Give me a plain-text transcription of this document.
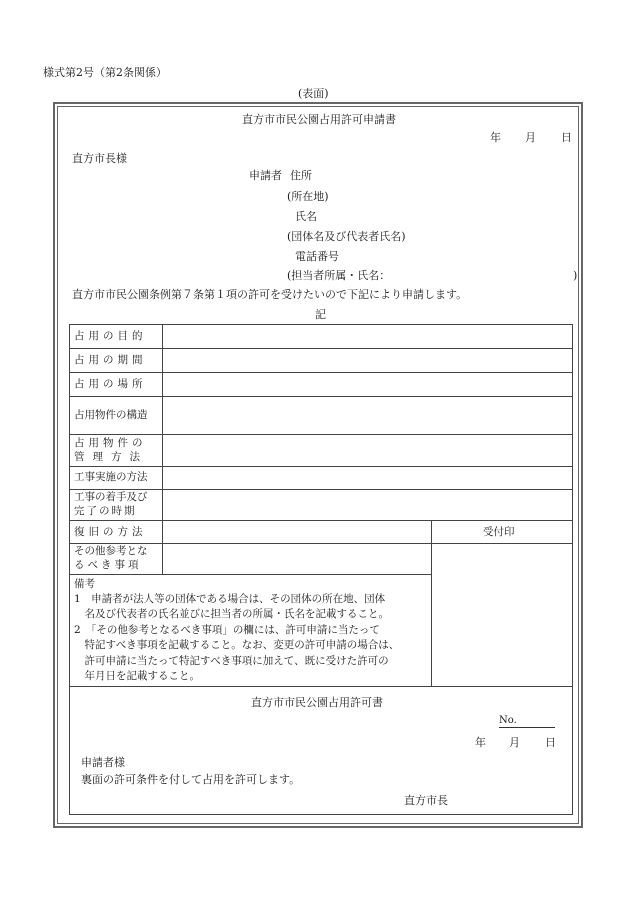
様式第2号（第2条関係）
(表面)
直方市市民公園占用許可申請書
年 月 日
直方市長様
申請者 住所
(所在地)
氏名
(団体名及び代表者氏名)
電話番号
(担当者所属・氏名：	)
直方市市民公園条例第７条第１項の許可を受けたいので下記により申請します。
記
占用の目的
占用の期間
占用の場所
占用物件の構造
占用物件の
管理方法
工事実施の方法
工事の着手及び
完了の時期
復旧の方法
その他参考とな
るべき事項
受付印
備考
1　申請者が法人等の団体である場合は、その団体の所在地、団体
　名及び代表者の氏名並びに担当者の所属・氏名を記載すること。
2　「その他参考となるべき事項」の欄には、許可申請に当たって
　特記すべき事項を記載すること。なお、変更の許可申請の場合は、
　許可申請に当たって特記すべき事項に加えて、既に受けた許可の
　年月日を記載すること。
直方市市民公園占用許可書
No.
年 月 日
申請者様
裏面の許可条件を付して占用を許可します。
直方市長
